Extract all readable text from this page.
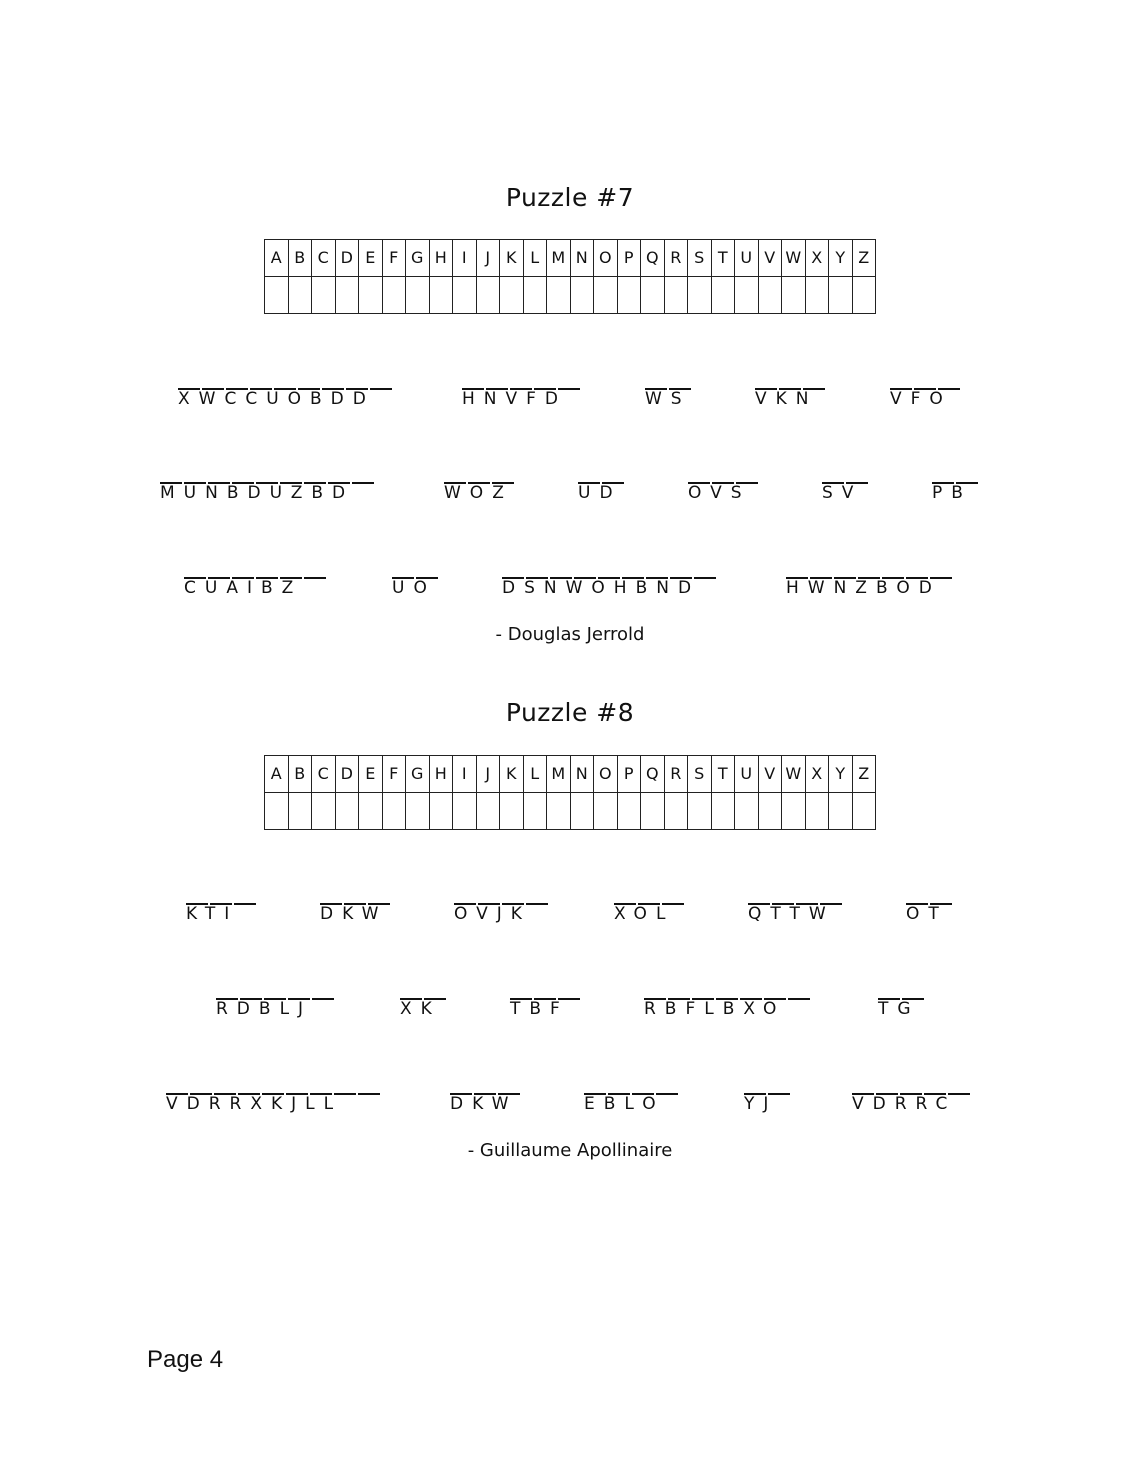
Puzzle #7
A	B	C	D	E	F	G	H	I	J	K	L	M	N	O	P	Q	R	S	T	U	V	W	X	Y	Z

XWCCUOBDD	HNVFD	WS	VKN	VFO
MUNBDUZBD	WOZ	UD	OVS	SV	PB
CUAIBZ	UO	DSNWOHBND	HWNZBOD
- Douglas Jerrold
Puzzle #8
A	B	C	D	E	F	G	H	I	J	K	L	M	N	O	P	Q	R	S	T	U	V	W	X	Y	Z

KTI	DKW	OVJK	XOL	QTTW	OT
RDBLJ	XK	TBF	RBFLBXO	TG
VDRRXKJLL	DKW	EBLO	YJ	VDRRC
- Guillaume Apollinaire
Page 4
